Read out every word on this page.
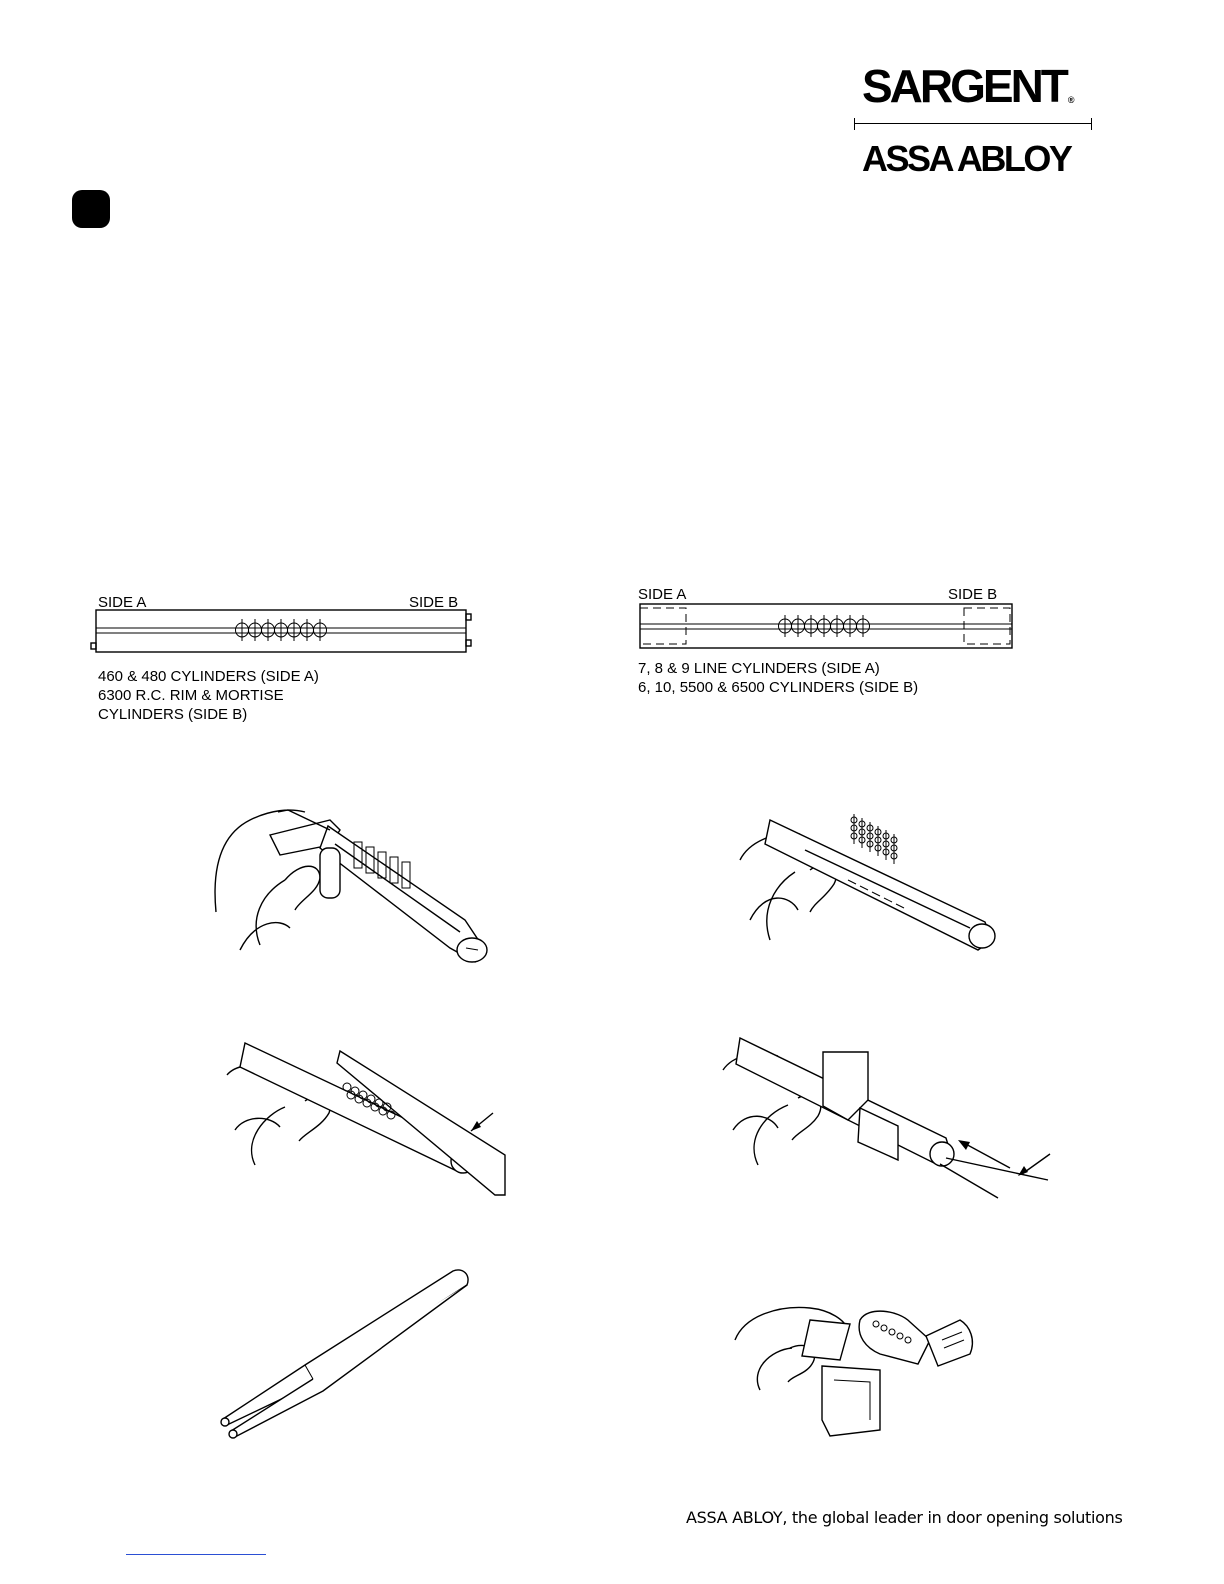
SARGENT ®
ASSA ABLOY
SIDE A	SIDE B
460 & 480 CYLINDERS (SIDE A)
6300 R.C. RIM & MORTISE
CYLINDERS (SIDE B)
SIDE A	SIDE B
7, 8 & 9 LINE CYLINDERS (SIDE A)
6, 10, 5500 & 6500 CYLINDERS (SIDE B)
ASSA ABLOY, the global leader in door opening solutions
